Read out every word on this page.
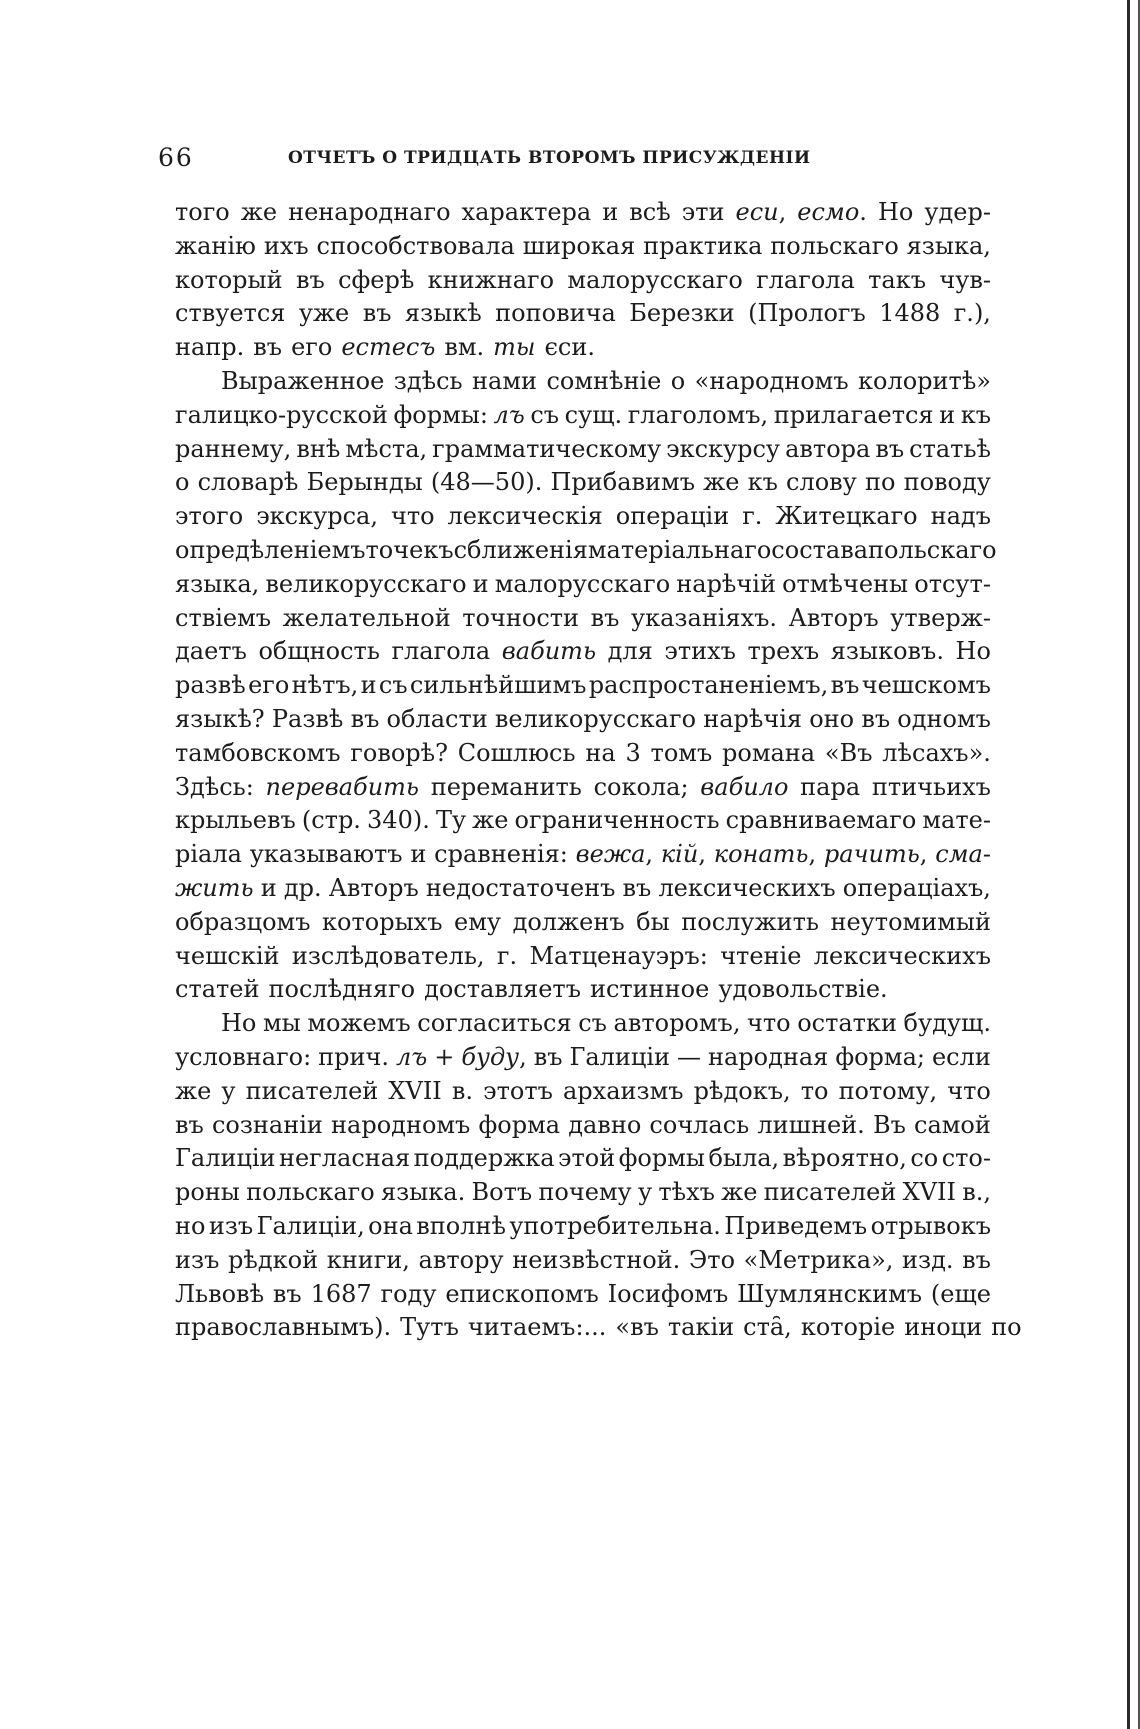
66	ОТЧЕТЪ О ТРИДЦАТЬ ВТОРОМЪ ПРИСУЖДЕНІИ
того же ненароднаго характера и всѣ эти еси, есмо. Но удер-
жанію ихъ способствовала широкая практика польскаго языка,
который въ сферѣ книжнаго малорусскаго глагола такъ чув-
ствуется уже въ языкѣ поповича Березки (Прологъ 1488 г.),
напр. въ его естесъ вм. ты єси.
Выраженное здѣсь нами сомнѣніе о «народномъ колоритѣ»
галицко-русской формы: лъ съ сущ. глаголомъ, прилагается и къ
раннему, внѣ мѣста, грамматическому экскурсу автора въ статьѣ
о словарѣ Берынды (48—50). Прибавимъ же къ слову по поводу
этого экскурса, что лексическія операціи г. Житецкаго надъ
опредѣленіемъ точекъ сближенія матеріальнаго состава польскаго
языка, великорусскаго и малорусскаго нарѣчій отмѣчены отсут-
ствіемъ желательной точности въ указаніяхъ. Авторъ утверж-
даетъ общность глагола вабить для этихъ трехъ языковъ. Но
развѣ его нѣтъ, и съ сильнѣйшимъ распростаненіемъ, въ чешскомъ
языкѣ? Развѣ въ области великорусскаго нарѣчія оно въ одномъ
тамбовскомъ говорѣ? Сошлюсь на 3 томъ романа «Въ лѣсахъ».
Здѣсь: перевабить переманить сокола; вабило пара птичьихъ
крыльевъ (стр. 340). Ту же ограниченность сравниваемаго мате-
ріала указываютъ и сравненія: вежа, кій, конать, рачить, сма-
жить и др. Авторъ недостаточенъ въ лексическихъ операціахъ,
образцомъ которыхъ ему долженъ бы послужить неутомимый
чешскій изслѣдователь, г. Матценауэръ: чтеніе лексическихъ
статей послѣдняго доставляетъ истинное удовольствіе.
Но мы можемъ согласиться съ авторомъ, что остатки будущ.
условнаго: прич. лъ + буду, въ Галиціи — народная форма; если
же у писателей XVII в. этотъ архаизмъ рѣдокъ, то потому, что
въ сознаніи народномъ форма давно сочлась лишней. Въ самой
Галиціи негласная поддержка этой формы была, вѣроятно, со сто-
роны польскаго языка. Вотъ почему у тѣхъ же писателей XVII в.,
но изъ Галиціи, она вполнѣ употребительна. Приведемъ отрывокъ
изъ рѣдкой книги, автору неизвѣстной. Это «Метрика», изд. въ
Львовѣ въ 1687 году епископомъ Іосифомъ Шумлянскимъ (еще
православнымъ). Тутъ читаемъ:... «въ такіи ста̑, которіе иноци по
